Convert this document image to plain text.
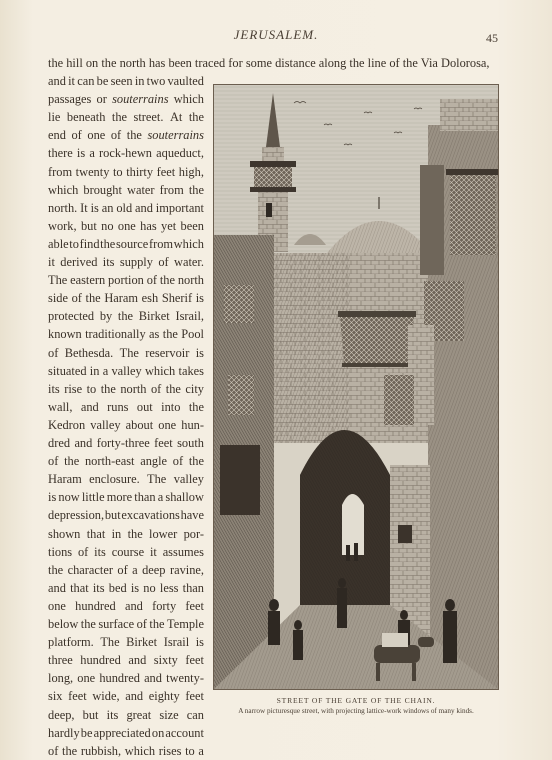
JERUSALEM.	45
the hill on the north has been traced for some distance along the line of the Via Dolorosa,
and it can be seen in two vaulted
passages or souterrains which
lie beneath the street. At the
end of one of the souterrains
there is a rock-hewn aqueduct,
from twenty to thirty feet high,
which brought water from the
north. It is an old and important
work, but no one has yet been
able to find the source from which
it derived its supply of water.
The eastern portion of the north
side of the Haram esh Sherif is
protected by the Birket Israil,
known traditionally as the Pool
of Bethesda. The reservoir is
situated in a valley which takes
its rise to the north of the city
wall, and runs out into the
Kedron valley about one hun-
dred and forty-three feet south
of the north-east angle of the
Haram enclosure. The valley
is now little more than a shallow
depression, but excavations have
shown that in the lower por-
tions of its course it assumes
the character of a deep ravine,
and that its bed is no less than
one hundred and forty feet
below the surface of the Temple
platform. The Birket Israil is
three hundred and sixty feet
long, one hundred and twenty-
six feet wide, and eighty feet
deep, but its great size can
hardly be appreciated on account
of the rubbish, which rises to a
STREET OF THE GATE OF THE CHAIN.
A narrow picturesque street, with projecting lattice-work windows of many kinds.
